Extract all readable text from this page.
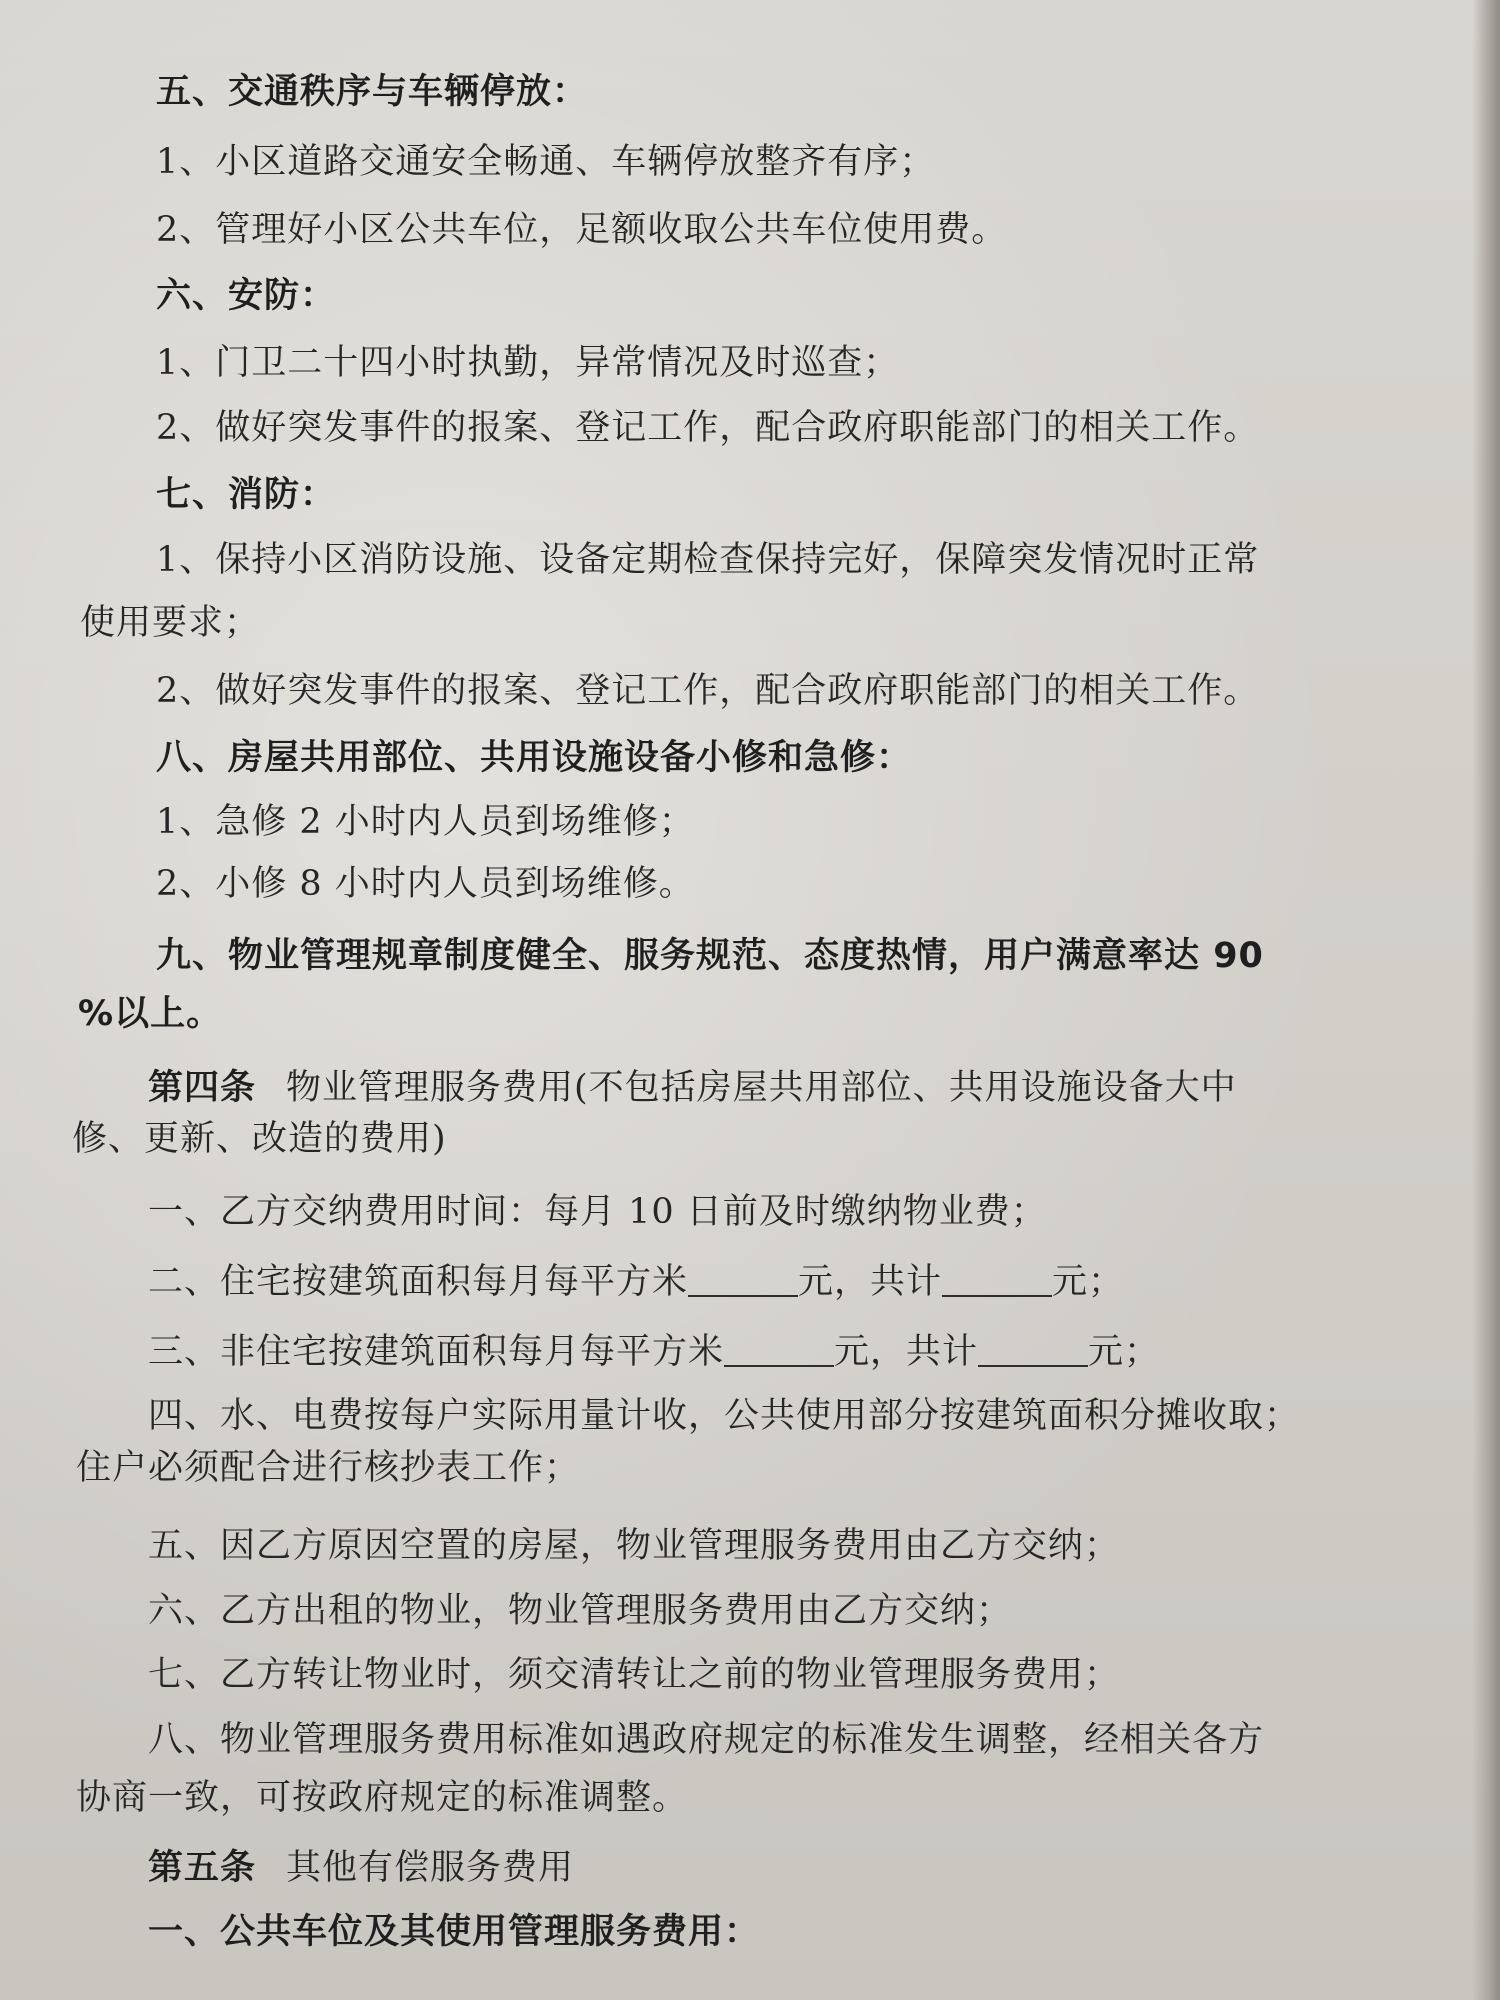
五、交通秩序与车辆停放：
1、小区道路交通安全畅通、车辆停放整齐有序；
2、管理好小区公共车位，足额收取公共车位使用费。
六、安防：
1、门卫二十四小时执勤，异常情况及时巡查；
2、做好突发事件的报案、登记工作，配合政府职能部门的相关工作。
七、消防：
1、保持小区消防设施、设备定期检查保持完好，保障突发情况时正常
使用要求；
2、做好突发事件的报案、登记工作，配合政府职能部门的相关工作。
八、房屋共用部位、共用设施设备小修和急修：
1、急修 2 小时内人员到场维修；
2、小修 8 小时内人员到场维修。
九、物业管理规章制度健全、服务规范、态度热情，用户满意率达 90
%以上。
第四条 物业管理服务费用(不包括房屋共用部位、共用设施设备大中
修、更新、改造的费用)
一、乙方交纳费用时间：每月 10 日前及时缴纳物业费；
二、住宅按建筑面积每月每平方米	元，共计	元；
三、非住宅按建筑面积每月每平方米	元，共计	元；
四、水、电费按每户实际用量计收，公共使用部分按建筑面积分摊收取；
住户必须配合进行核抄表工作；
五、因乙方原因空置的房屋，物业管理服务费用由乙方交纳；
六、乙方出租的物业，物业管理服务费用由乙方交纳；
七、乙方转让物业时，须交清转让之前的物业管理服务费用；
八、物业管理服务费用标准如遇政府规定的标准发生调整，经相关各方
协商一致，可按政府规定的标准调整。
第五条 其他有偿服务费用
一、公共车位及其使用管理服务费用：
